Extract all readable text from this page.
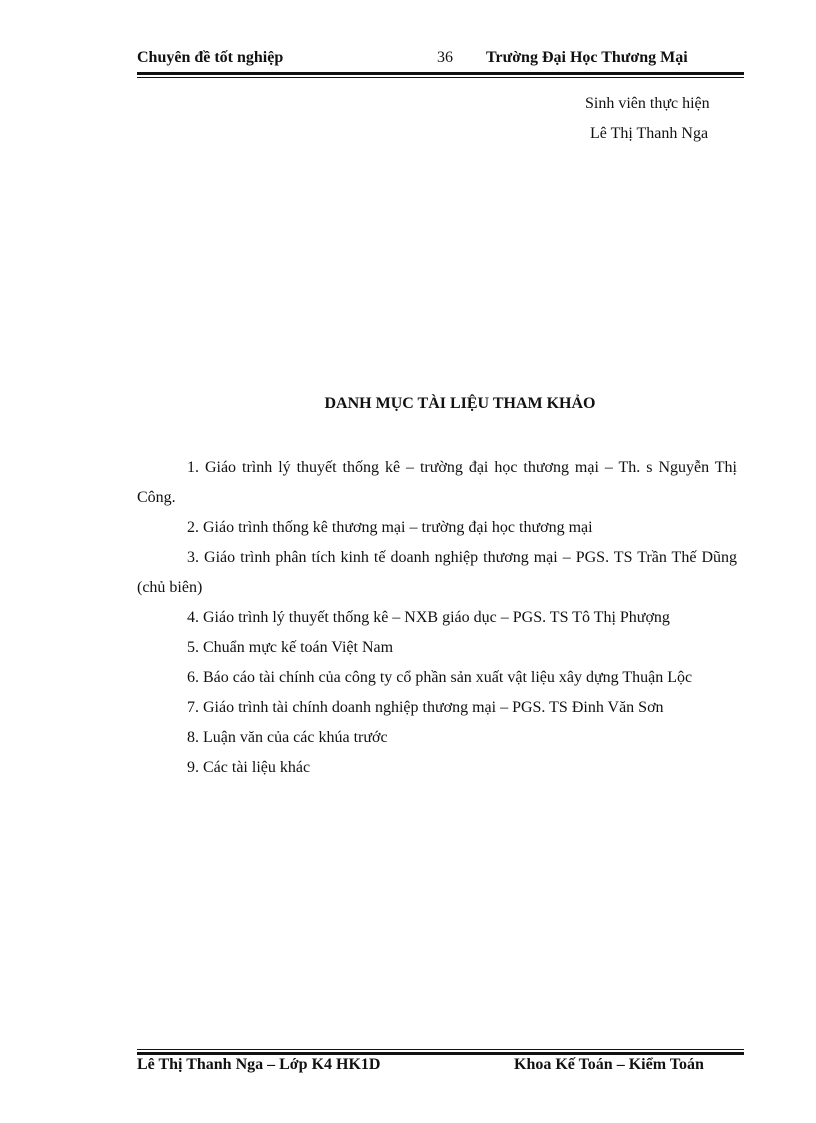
Chuyên đề tốt nghiệp	36 Trường Đại Học Thương Mại
Sinh viên thực hiện
Lê Thị Thanh Nga
DANH MỤC TÀI LIỆU THAM KHẢO

1. Giáo trình lý thuyết thống kê – trường đại học thương mại – Th. s Nguyễn Thị Công.

2. Giáo trình thống kê thương mại – trường đại học thương mại

3. Giáo trình phân tích kinh tế doanh nghiệp thương mại – PGS. TS Trần Thế Dũng (chủ biên)

4. Giáo trình lý thuyết thống kê – NXB giáo dục – PGS. TS Tô Thị Phượng

5. Chuẩn mực kế toán Việt Nam

6. Báo cáo tài chính của công ty cổ phần sản xuất vật liệu xây dựng Thuận Lộc

7. Giáo trình tài chính doanh nghiệp thương mại – PGS. TS Đinh Văn Sơn

8. Luận văn của các khúa trước

9. Các tài liệu khác

Lê Thị Thanh Nga – Lớp K4 HK1D	Khoa Kế Toán – Kiểm Toán
